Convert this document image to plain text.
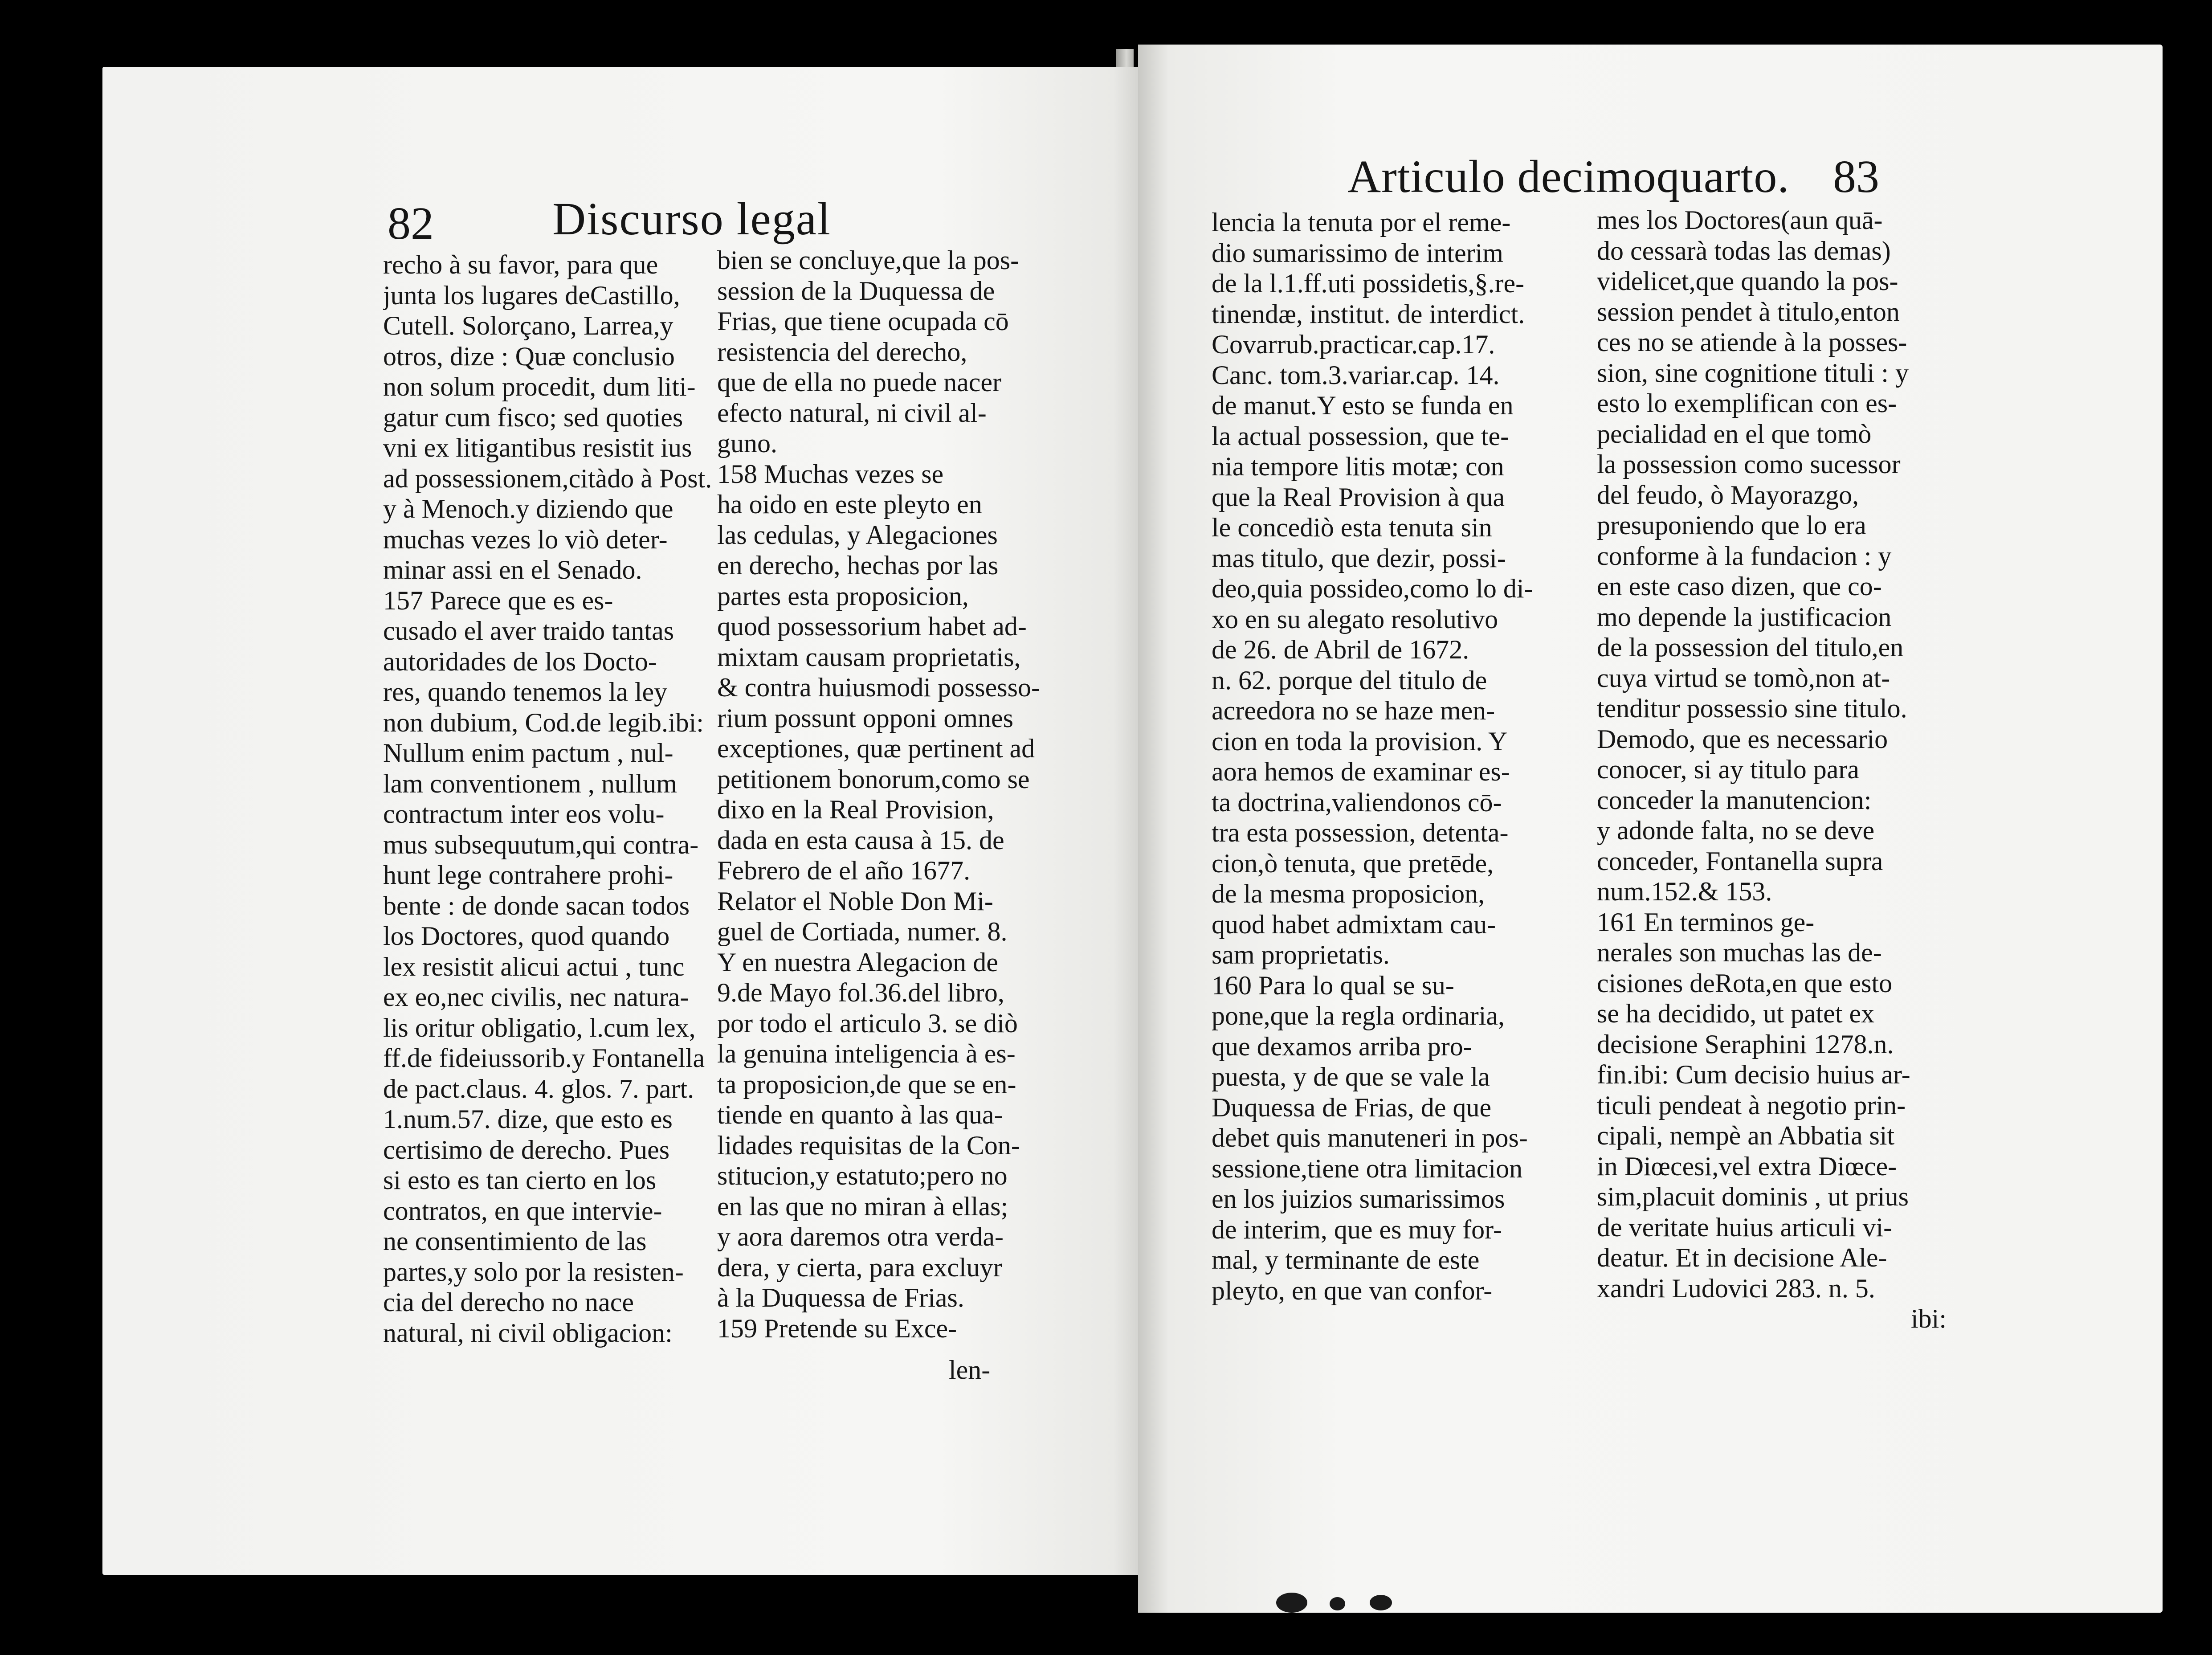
82	Discurso legal
recho à su favor, para que
junta los lugares deCastillo,
Cutell. Solorçano, Larrea,y
otros, dize : Quæ conclusio
non solum procedit, dum liti-
gatur cum fisco; sed quoties
vni ex litigantibus resistit ius
ad possessionem,citàdo à Post.
y à Menoch.y diziendo que
muchas vezes lo viò deter-
minar assi en el Senado.
157 Parece que es es-
cusado el aver traido tantas
autoridades de los Docto-
res, quando tenemos la ley
non dubium, Cod.de legib.ibi:
Nullum enim pactum , nul-
lam conventionem , nullum
contractum inter eos volu-
mus subsequutum,qui contra-
hunt lege contrahere prohi-
bente : de donde sacan todos
los Doctores, quod quando
lex resistit alicui actui , tunc
ex eo,nec civilis, nec natura-
lis oritur obligatio, l.cum lex,
ff.de fideiussorib.y Fontanella
de pact.claus. 4. glos. 7. part.
1.num.57. dize, que esto es
certisimo de derecho. Pues
si esto es tan cierto en los
contratos, en que intervie-
ne consentimiento de las
partes,y solo por la resisten-
cia del derecho no nace
natural, ni civil obligacion:
bien se concluye,que la pos-
session de la Duquessa de
Frias, que tiene ocupada cō
resistencia del derecho,
que de ella no puede nacer
efecto natural, ni civil al-
guno.
158 Muchas vezes se
ha oido en este pleyto en
las cedulas, y Alegaciones
en derecho, hechas por las
partes esta proposicion,
quod possessorium habet ad-
mixtam causam proprietatis,
& contra huiusmodi possesso-
rium possunt opponi omnes
exceptiones, quæ pertinent ad
petitionem bonorum,como se
dixo en la Real Provision,
dada en esta causa à 15. de
Febrero de el año 1677.
Relator el Noble Don Mi-
guel de Cortiada, numer. 8.
Y en nuestra Alegacion de
9.de Mayo fol.36.del libro,
por todo el articulo 3. se diò
la genuina inteligencia à es-
ta proposicion,de que se en-
tiende en quanto à las qua-
lidades requisitas de la Con-
stitucion,y estatuto;pero no
en las que no miran à ellas;
y aora daremos otra verda-
dera, y cierta, para excluyr
à la Duquessa de Frias.
159 Pretende su Exce-
len-
Articulo decimoquarto. 83
lencia la tenuta por el reme-
dio sumarissimo de interim
de la l.1.ff.uti possidetis,§.re-
tinendæ, institut. de interdict.
Covarrub.practicar.cap.17.
Canc. tom.3.variar.cap. 14.
de manut.Y esto se funda en
la actual possession, que te-
nia tempore litis motæ; con
que la Real Provision à qua
le concediò esta tenuta sin
mas titulo, que dezir, possi-
deo,quia possideo,como lo di-
xo en su alegato resolutivo
de 26. de Abril de 1672.
n. 62. porque del titulo de
acreedora no se haze men-
cion en toda la provision. Y
aora hemos de examinar es-
ta doctrina,valiendonos cō-
tra esta possession, detenta-
cion,ò tenuta, que pretēde,
de la mesma proposicion,
quod habet admixtam cau-
sam proprietatis.
160 Para lo qual se su-
pone,que la regla ordinaria,
que dexamos arriba pro-
puesta, y de que se vale la
Duquessa de Frias, de que
debet quis manuteneri in pos-
sessione,tiene otra limitacion
en los juizios sumarissimos
de interim, que es muy for-
mal, y terminante de este
pleyto, en que van confor-
mes los Doctores(aun quā-
do cessarà todas las demas)
videlicet,que quando la pos-
session pendet à titulo,enton
ces no se atiende à la posses-
sion, sine cognitione tituli : y
esto lo exemplifican con es-
pecialidad en el que tomò
la possession como sucessor
del feudo, ò Mayorazgo,
presuponiendo que lo era
conforme à la fundacion : y
en este caso dizen, que co-
mo depende la justificacion
de la possession del titulo,en
cuya virtud se tomò,non at-
tenditur possessio sine titulo.
Demodo, que es necessario
conocer, si ay titulo para
conceder la manutencion:
y adonde falta, no se deve
conceder, Fontanella supra
num.152.& 153.
161 En terminos ge-
nerales son muchas las de-
cisiones deRota,en que esto
se ha decidido, ut patet ex
decisione Seraphini 1278.n.
fin.ibi: Cum decisio huius ar-
ticuli pendeat à negotio prin-
cipali, nempè an Abbatia sit
in Diœcesi,vel extra Diœce-
sim,placuit dominis , ut prius
de veritate huius articuli vi-
deatur. Et in decisione Ale-
xandri Ludovici 283. n. 5.
ibi:
